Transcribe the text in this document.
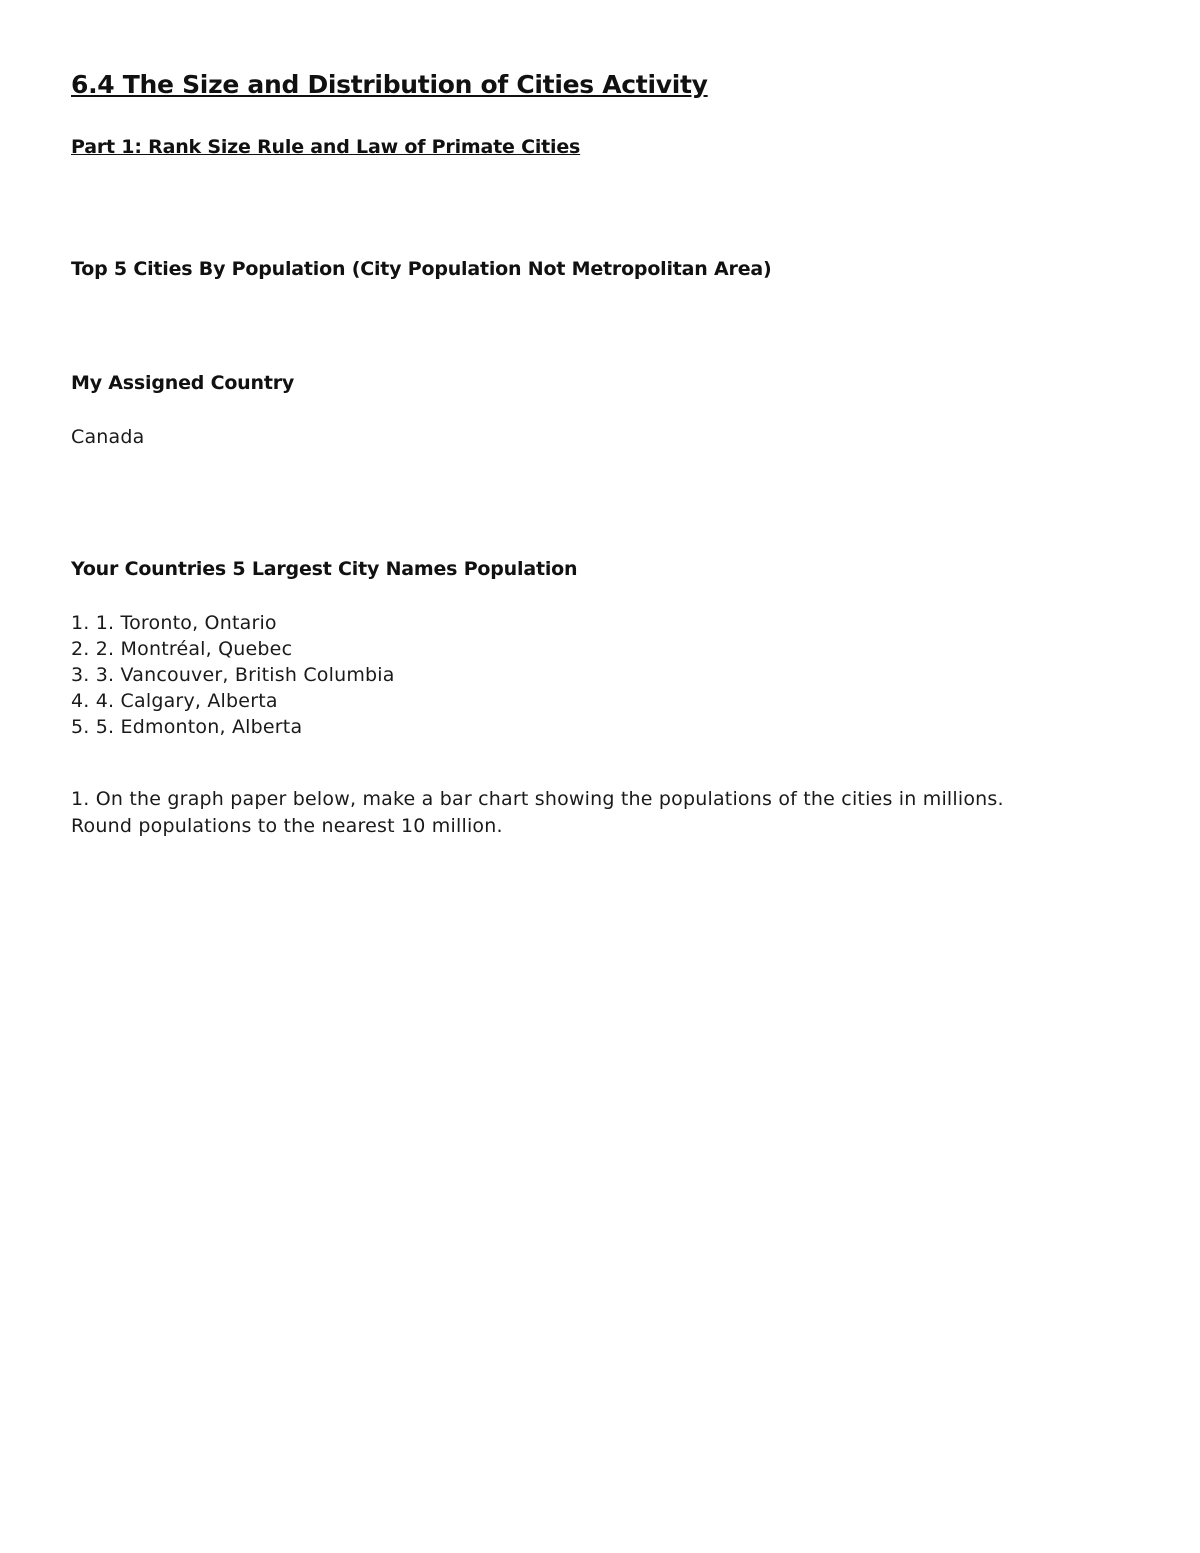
6.4 The Size and Distribution of Cities Activity
Part 1: Rank Size Rule and Law of Primate Cities
Top 5 Cities By Population (City Population Not Metropolitan Area)
My Assigned Country
Canada
Your Countries 5 Largest City Names Population
1. 1. Toronto, Ontario
2. 2. Montréal, Quebec
3. 3. Vancouver, British Columbia
4. 4. Calgary, Alberta
5. 5. Edmonton, Alberta
1. On the graph paper below, make a bar chart showing the populations of the cities in millions.
Round populations to the nearest 10 million.
